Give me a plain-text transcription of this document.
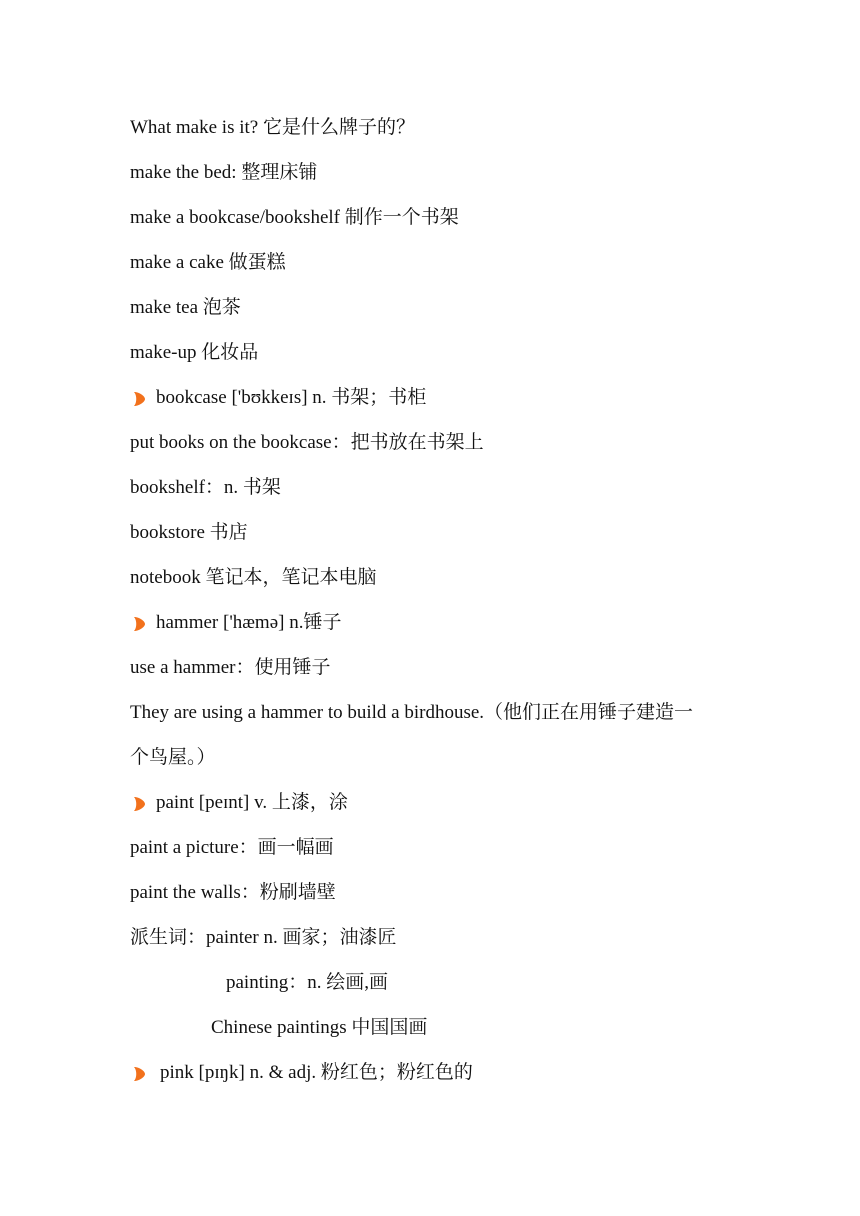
What make is it? 它是什么牌子的？
make the bed: 整理床铺
make a bookcase/bookshelf 制作一个书架
make a cake 做蛋糕
make tea 泡茶
make-up 化妆品
bookcase ['bʊkkeɪs] n. 书架；书柜
put books on the bookcase：把书放在书架上
bookshelf：n. 书架
bookstore 书店
notebook 笔记本，笔记本电脑
hammer ['hæmə] n.锤子
use a hammer：使用锤子
They are using a hammer to build a birdhouse.（他们正在用锤子建造一
个鸟屋。）
paint [peɪnt] v. 上漆，涂
paint a picture：画一幅画
paint the walls：粉刷墙壁
派生词：painter n. 画家；油漆匠
painting：n. 绘画,画
Chinese paintings 中国国画
pink [pɪŋk] n. & adj. 粉红色；粉红色的
